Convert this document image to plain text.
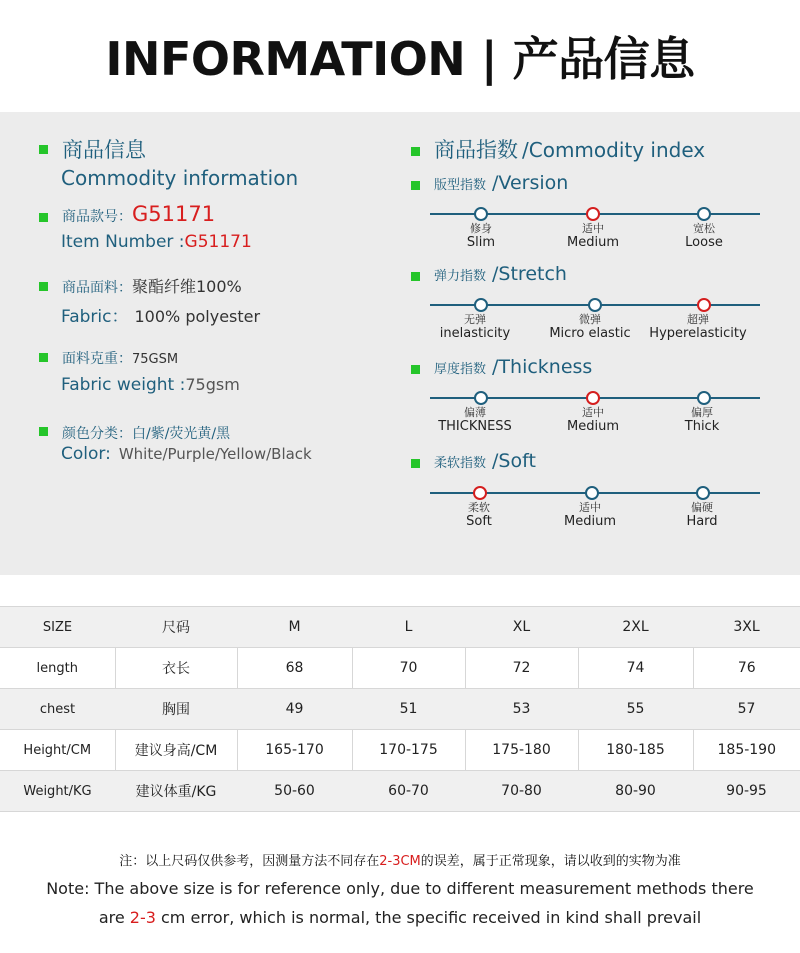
INFORMATION | 产品信息
商品信息
Commodity information
商品款号：G51171
Item Number :G51171
商品面料：聚酯纤维100%
Fabric： 100% polyester
面料克重：75GSM
Fabric weight :75gsm
颜色分类：白/紫/荧光黄/黑
Color: White/Purple/Yellow/Black
商品指数 /Commodity index
版型指数 /Version
修身
Slim
适中
Medium
宽松
Loose
弹力指数 /Stretch
无弹
inelasticity
微弹
Micro elastic
超弹
Hyperelasticity
厚度指数 /Thickness
偏薄
THICKNESS
适中
Medium
偏厚
Thick
柔软指数 /Soft
柔软
Soft
适中
Medium
偏硬
Hard
SIZE	尺码	M	L	XL	2XL	3XL
length	衣长	68	70	72	74	76
chest	胸围	49	51	53	55	57
Height/CM	建议身高/CM	165-170	170-175	175-180	180-185	185-190
Weight/KG	建议体重/KG	50-60	60-70	70-80	80-90	90-95
注：以上尺码仅供参考，因测量方法不同存在2-3CM的误差，属于正常现象，请以收到的实物为准
Note: The above size is for reference only, due to different measurement methods there
are 2-3 cm error, which is normal, the specific received in kind shall prevail
